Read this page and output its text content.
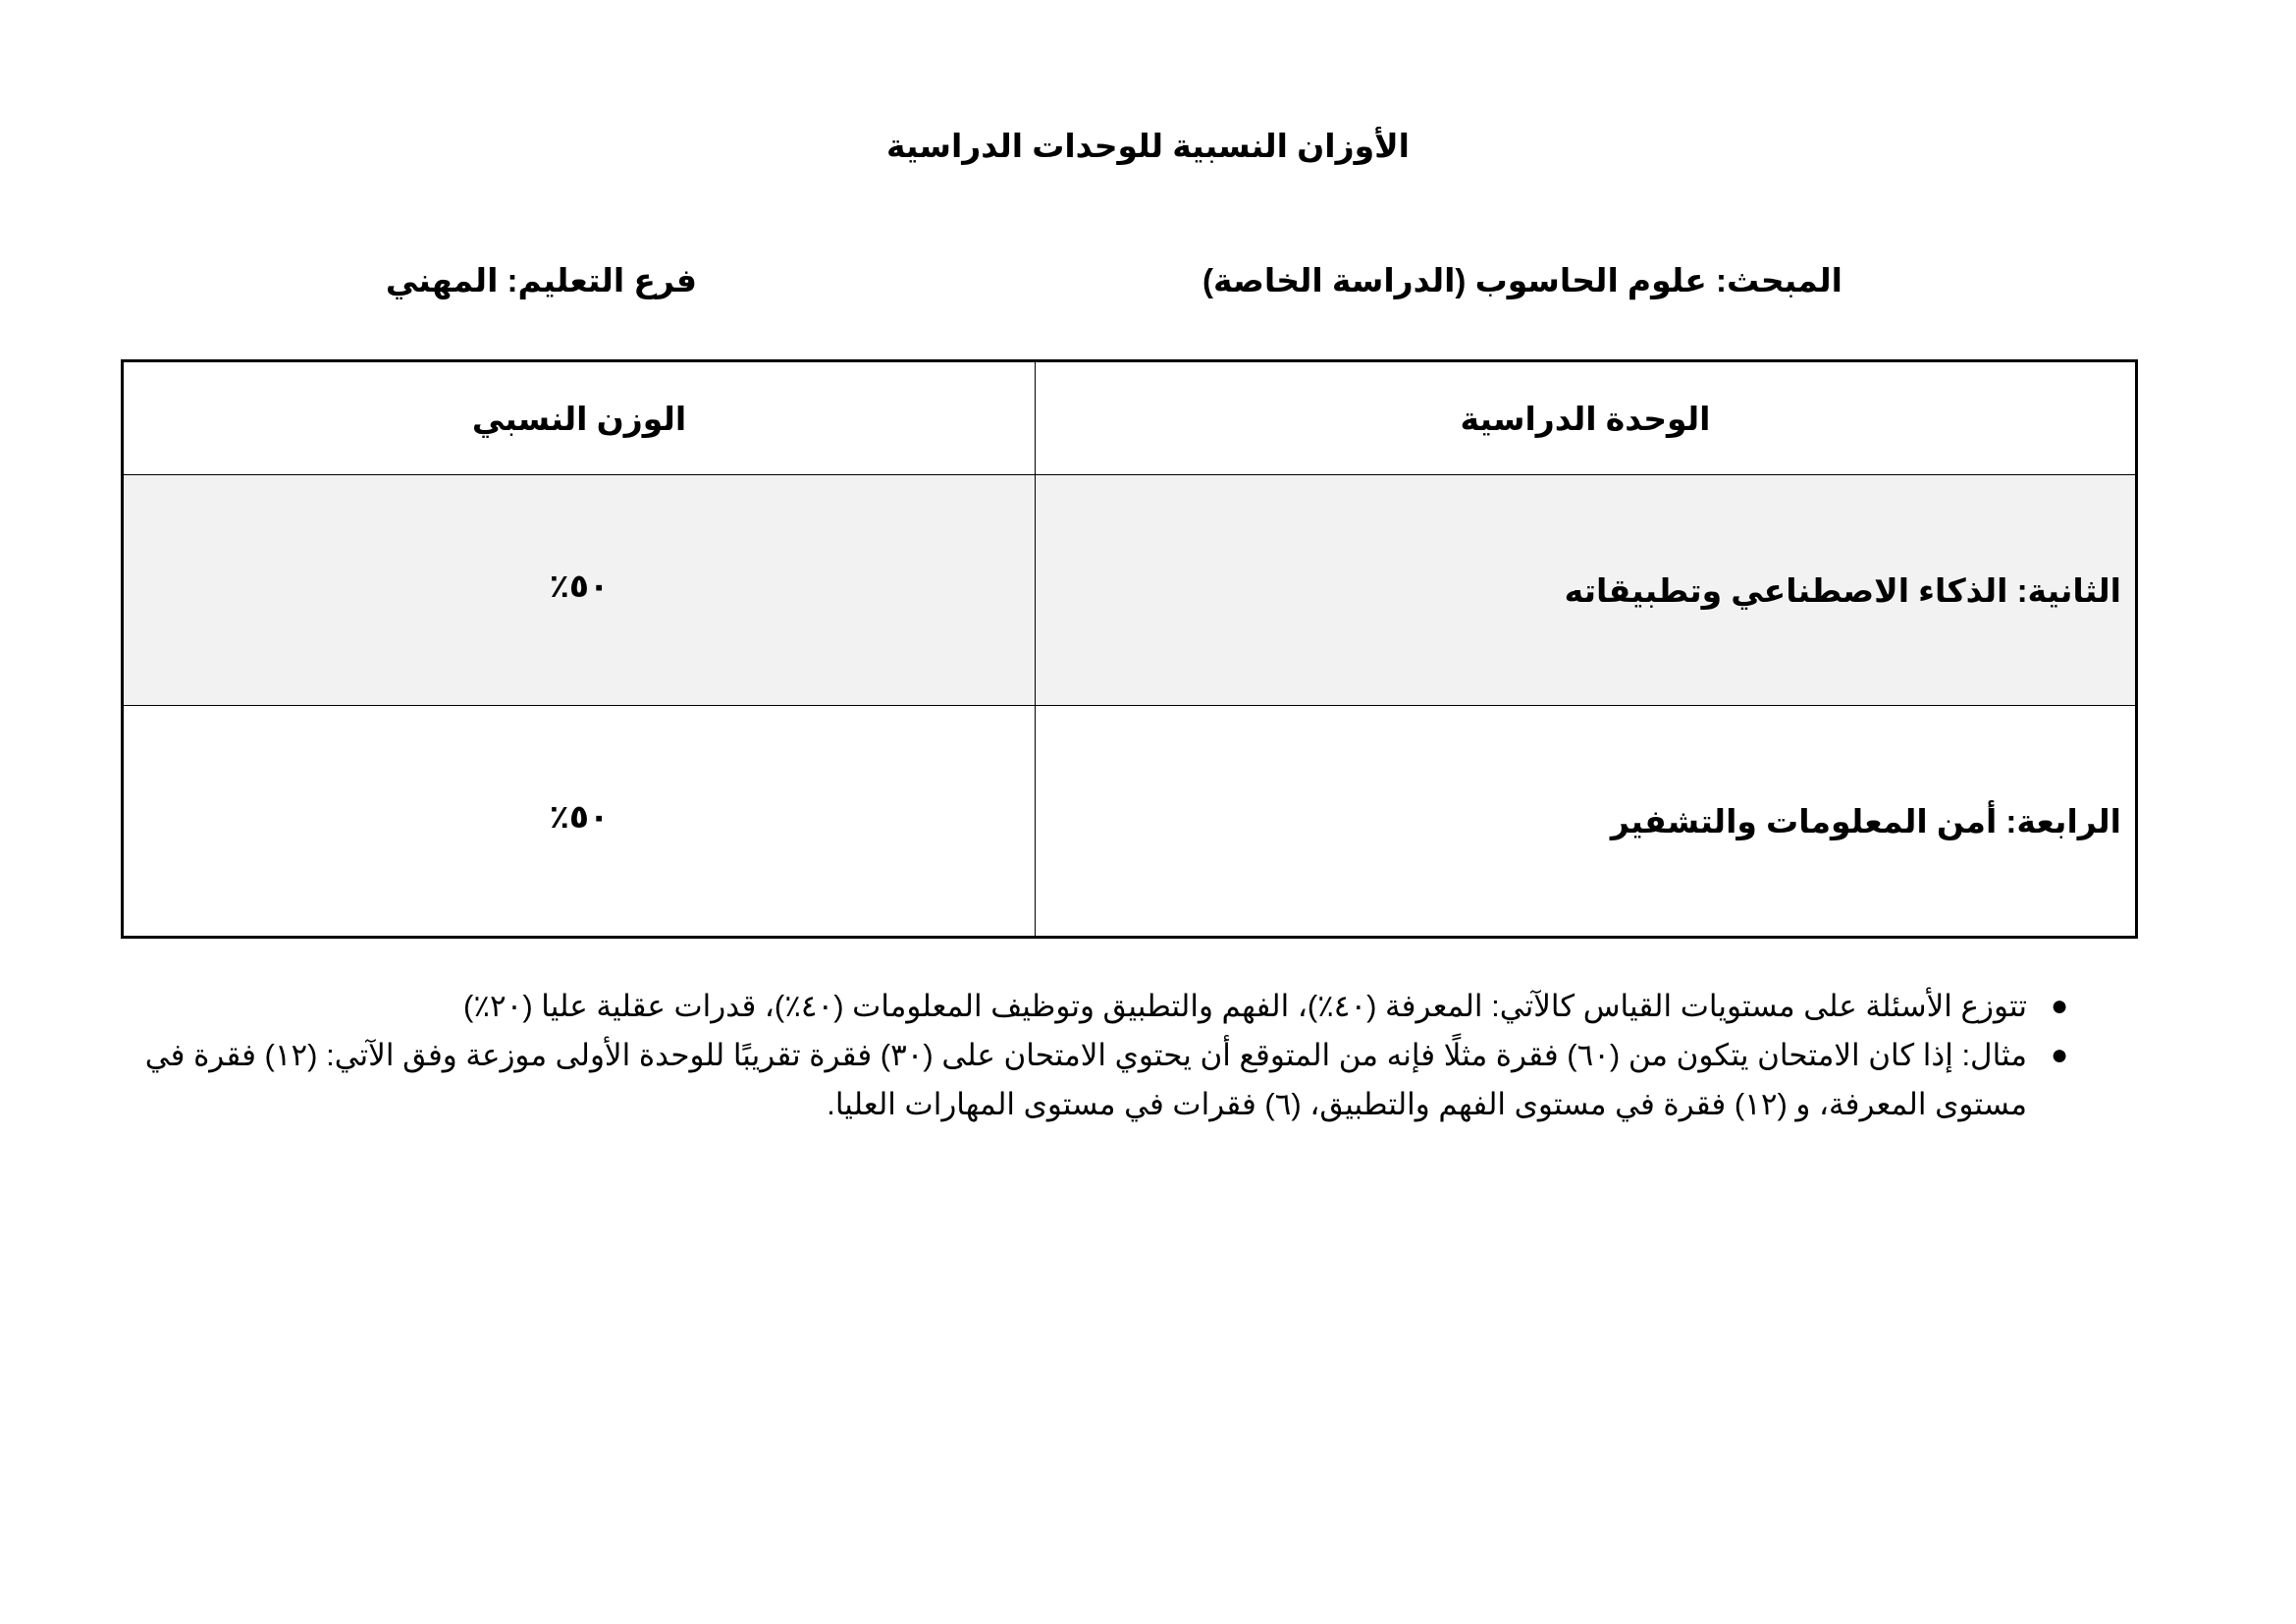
الأوزان النسبية للوحدات الدراسية
المبحث: علوم الحاسوب (الدراسة الخاصة)
فرع التعليم: المهني
الوحدة الدراسية	الوزن النسبي
الثانية: الذكاء الاصطناعي وتطبيقاته	٥٠٪
الرابعة: أمن المعلومات والتشفير	٥٠٪
●
تتوزع الأسئلة على مستويات القياس كالآتي: المعرفة (٤٠٪)، الفهم والتطبيق وتوظيف المعلومات (٤٠٪)، قدرات عقلية عليا (٢٠٪)
●
مثال: إذا كان الامتحان يتكون من (٦٠) فقرة مثلًا فإنه من المتوقع أن يحتوي الامتحان على (٣٠) فقرة تقريبًا للوحدة الأولى موزعة وفق الآتي: (١٢) فقرة في مستوى المعرفة، و (١٢) فقرة في مستوى الفهم والتطبيق، (٦) فقرات في مستوى المهارات العليا.
